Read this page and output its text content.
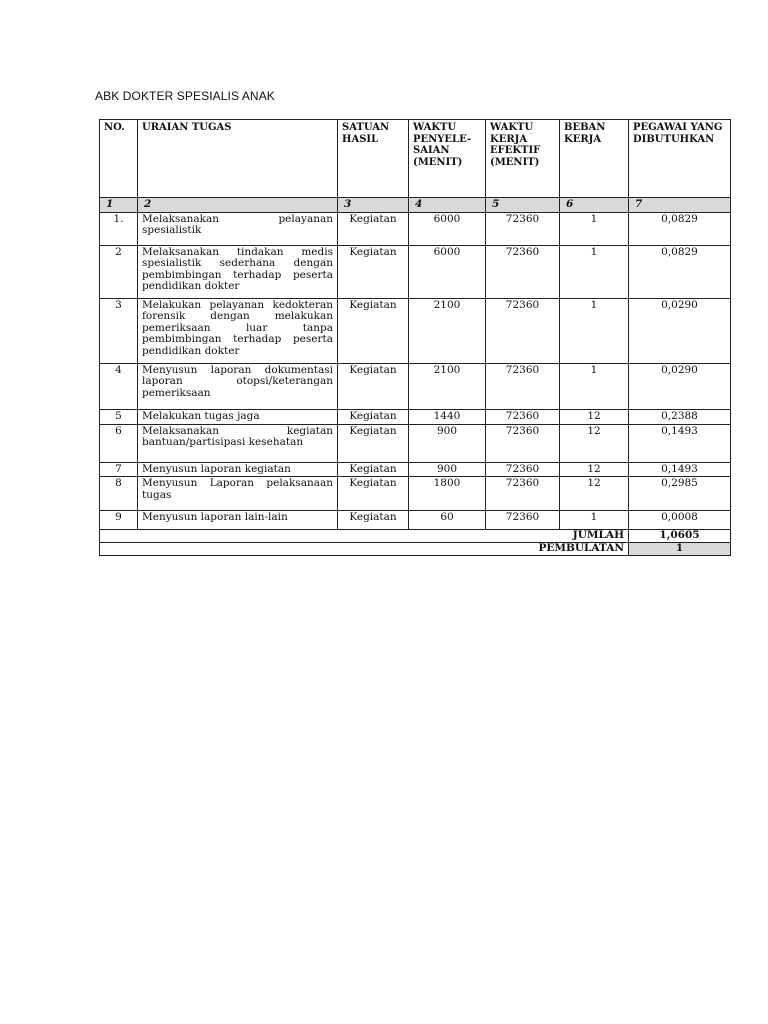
ABK DOKTER SPESIALIS ANAK
NO.	URAIAN TUGAS	SATUAN HASIL	WAKTU PENYELE-SAIAN (MENIT)	WAKTU KERJA EFEKTIF (MENIT)	BEBAN KERJA	PEGAWAI YANG DIBUTUHKAN
1	2	3	4	5	6	7
1.	Melaksanakan pelayanan spesialistik	Kegiatan	6000	72360	1	0,0829
2	Melaksanakan tindakan medis spesialistik sederhana dengan pembimbingan terhadap peserta pendidikan dokter	Kegiatan	6000	72360	1	0,0829
3	Melakukan pelayanan kedokteran forensik dengan melakukan pemeriksaan luar tanpa pembimbingan terhadap peserta pendidikan dokter	Kegiatan	2100	72360	1	0,0290
4	Menyusun laporan dokumentasi laporan otopsi/keterangan pemeriksaan	Kegiatan	2100	72360	1	0,0290
5	Melakukan tugas jaga	Kegiatan	1440	72360	12	0,2388
6	Melaksanakan kegiatan bantuan/partisipasi kesehatan	Kegiatan	900	72360	12	0,1493
7	Menyusun laporan kegiatan	Kegiatan	900	72360	12	0,1493
8	Menyusun Laporan pelaksanaan tugas	Kegiatan	1800	72360	12	0,2985
9	Menyusun laporan lain-lain	Kegiatan	60	72360	1	0,0008
JUMLAH						1,0605
PEMBULATAN						1
